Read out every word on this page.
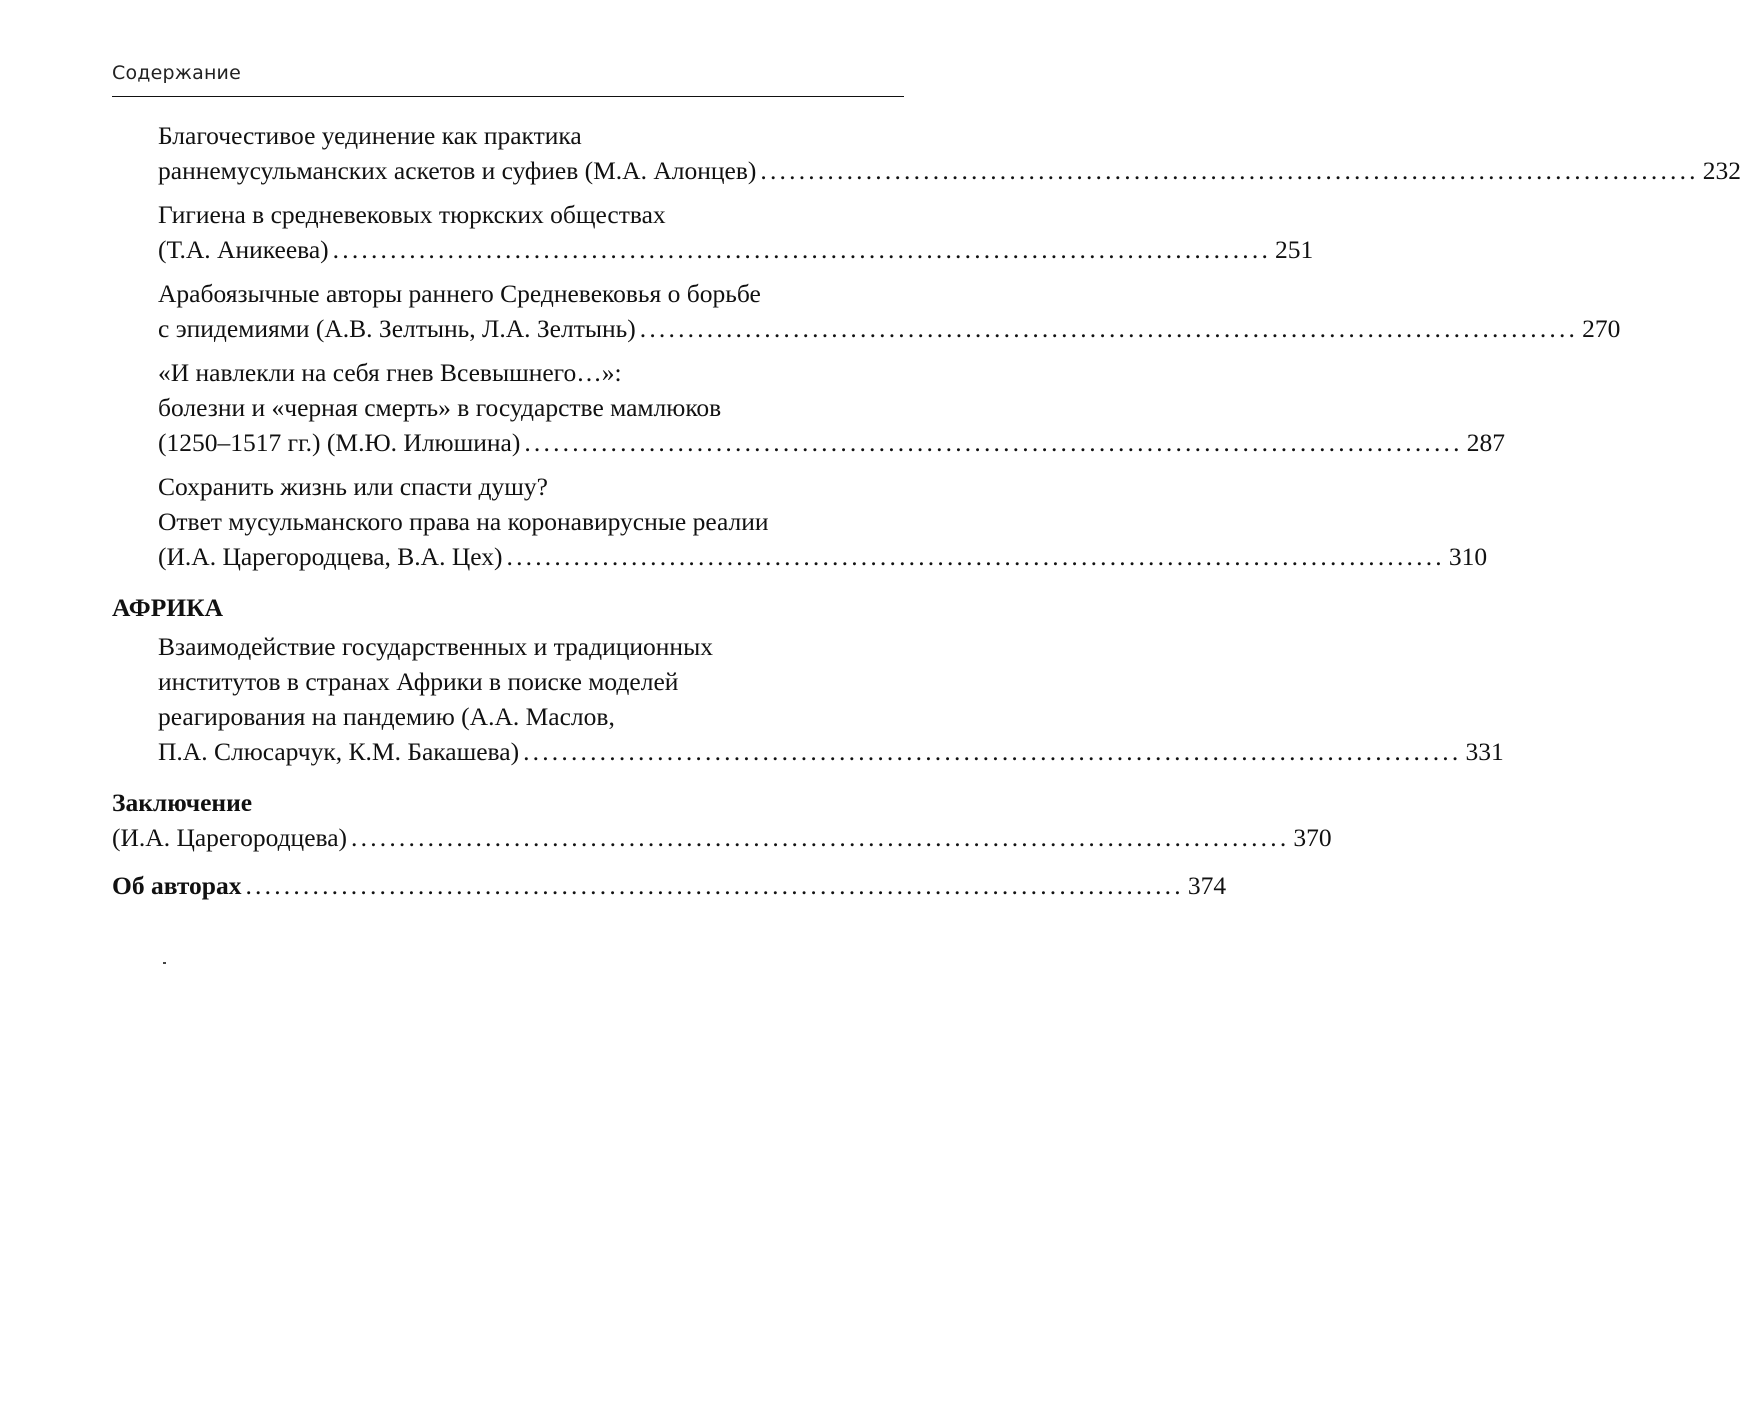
Содержание
Благочестивое уединение как практика
раннемусульманских аскетов и суфиев (М.А. Алонцев) .................................................................................................. 232
Гигиена в средневековых тюркских обществах
(Т.А. Аникеева) .................................................................................................. 251
Арабоязычные авторы раннего Средневековья о борьбе
с эпидемиями (А.В. Зелтынь, Л.А. Зелтынь) .................................................................................................. 270
«И навлекли на себя гнев Всевышнего…»:
болезни и «черная смерть» в государстве мамлюков
(1250–1517 гг.) (М.Ю. Илюшина) .................................................................................................. 287
Сохранить жизнь или спасти душу?
Ответ мусульманского права на коронавирусные реалии
(И.А. Царегородцева, В.А. Цех) .................................................................................................. 310
АФРИКА
Взаимодействие государственных и традиционных
институтов в странах Африки в поиске моделей
реагирования на пандемию (А.А. Маслов,
П.А. Слюсарчук, К.М. Бакашева) .................................................................................................. 331
Заключение
(И.А. Царегородцева) .................................................................................................. 370
Об авторах .................................................................................................. 374
